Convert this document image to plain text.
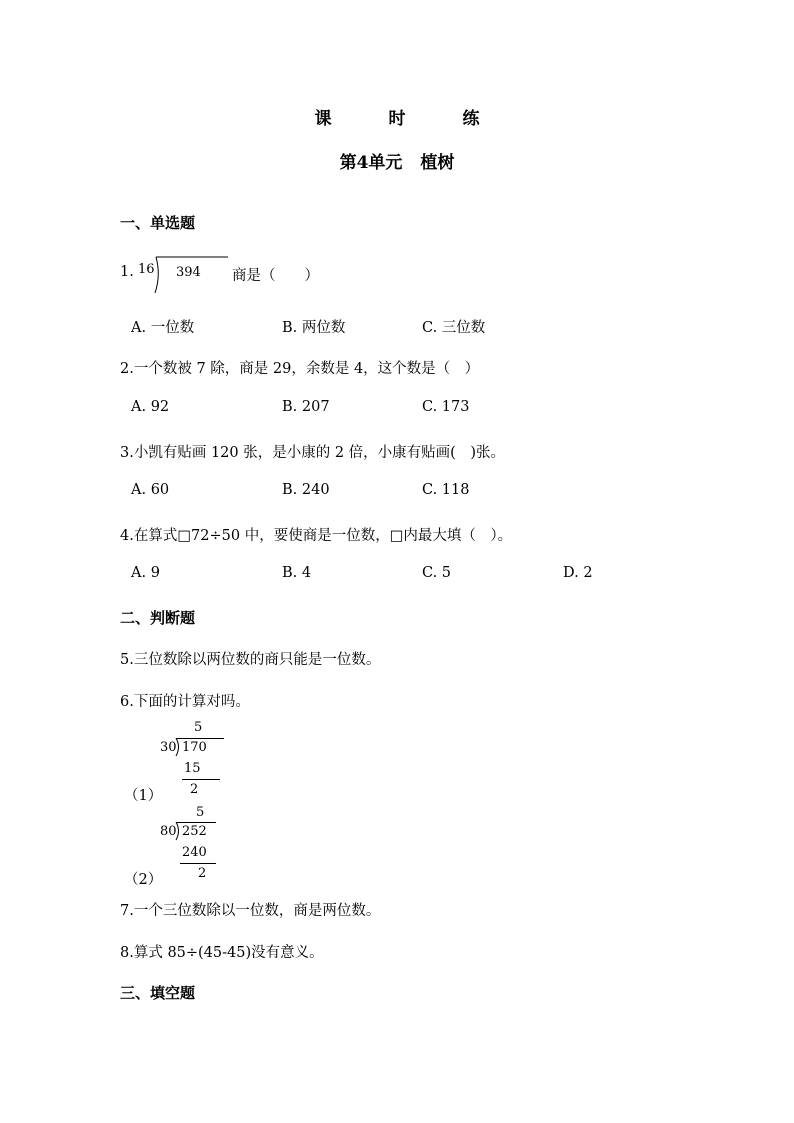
课　时　练
第4单元 植树
一、单选题
1. 16 394 商是（　　）
A. 一位数	B. 两位数	C. 三位数
2.一个数被 7 除，商是 29，余数是 4，这个数是（　）
A. 92	B. 207	C. 173
3.小凯有贴画 120 张，是小康的 2 倍，小康有贴画(　)张。
A. 60	B. 240	C. 118
4.在算式□72÷50 中，要使商是一位数，□内最大填（　）。
A. 9	B. 4	C. 5	D. 2
二、判断题
5.三位数除以两位数的商只能是一位数。
6.下面的计算对吗。
5
30 170
15
2
（1）
5
80 252
240
2
（2）
7.一个三位数除以一位数，商是两位数。
8.算式 85÷(45-45)没有意义。
三、填空题
